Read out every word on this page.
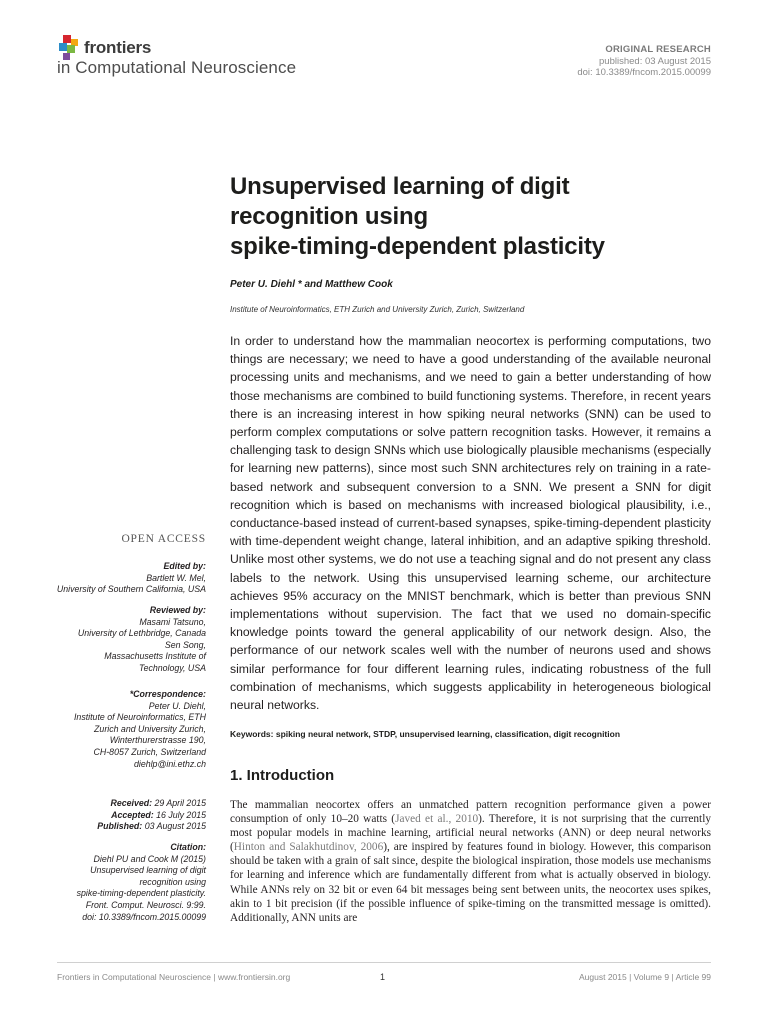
frontiers
in Computational Neuroscience
ORIGINAL RESEARCH
published: 03 August 2015
doi: 10.3389/fncom.2015.00099
Unsupervised learning of digit
recognition using
spike-timing-dependent plasticity
Peter U. Diehl * and Matthew Cook
Institute of Neuroinformatics, ETH Zurich and University Zurich, Zurich, Switzerland
In order to understand how the mammalian neocortex is performing computations, two things are necessary; we need to have a good understanding of the available neuronal processing units and mechanisms, and we need to gain a better understanding of how those mechanisms are combined to build functioning systems. Therefore, in recent years there is an increasing interest in how spiking neural networks (SNN) can be used to perform complex computations or solve pattern recognition tasks. However, it remains a challenging task to design SNNs which use biologically plausible mechanisms (especially for learning new patterns), since most such SNN architectures rely on training in a rate-based network and subsequent conversion to a SNN. We present a SNN for digit recognition which is based on mechanisms with increased biological plausibility, i.e., conductance-based instead of current-based synapses, spike-timing-dependent plasticity with time-dependent weight change, lateral inhibition, and an adaptive spiking threshold. Unlike most other systems, we do not use a teaching signal and do not present any class labels to the network. Using this unsupervised learning scheme, our architecture achieves 95% accuracy on the MNIST benchmark, which is better than previous SNN implementations without supervision. The fact that we used no domain-specific knowledge points toward the general applicability of our network design. Also, the performance of our network scales well with the number of neurons used and shows similar performance for four different learning rules, indicating robustness of the full combination of mechanisms, which suggests applicability in heterogeneous biological neural networks.
Keywords: spiking neural network, STDP, unsupervised learning, classification, digit recognition
1. Introduction
The mammalian neocortex offers an unmatched pattern recognition performance given a power consumption of only 10–20 watts (Javed et al., 2010). Therefore, it is not surprising that the currently most popular models in machine learning, artificial neural networks (ANN) or deep neural networks (Hinton and Salakhutdinov, 2006), are inspired by features found in biology. However, this comparison should be taken with a grain of salt since, despite the biological inspiration, those models use mechanisms for learning and inference which are fundamentally different from what is actually observed in biology. While ANNs rely on 32 bit or even 64 bit messages being sent between units, the neocortex uses spikes, akin to 1 bit precision (if the possible influence of spike-timing on the transmitted message is omitted). Additionally, ANN units are
OPEN ACCESS
Edited by:
Bartlett W. Mel,
University of Southern California, USA
Reviewed by:
Masami Tatsuno,
University of Lethbridge, Canada
Sen Song,
Massachusetts Institute of
Technology, USA
*Correspondence:
Peter U. Diehl,
Institute of Neuroinformatics, ETH
Zurich and University Zurich,
Winterthurerstrasse 190,
CH-8057 Zurich, Switzerland
diehlp@ini.ethz.ch
Received: 29 April 2015
Accepted: 16 July 2015
Published: 03 August 2015
Citation:
Diehl PU and Cook M (2015)
Unsupervised learning of digit
recognition using
spike-timing-dependent plasticity.
Front. Comput. Neurosci. 9:99.
doi: 10.3389/fncom.2015.00099
Frontiers in Computational Neuroscience | www.frontiersin.org	1	August 2015 | Volume 9 | Article 99
